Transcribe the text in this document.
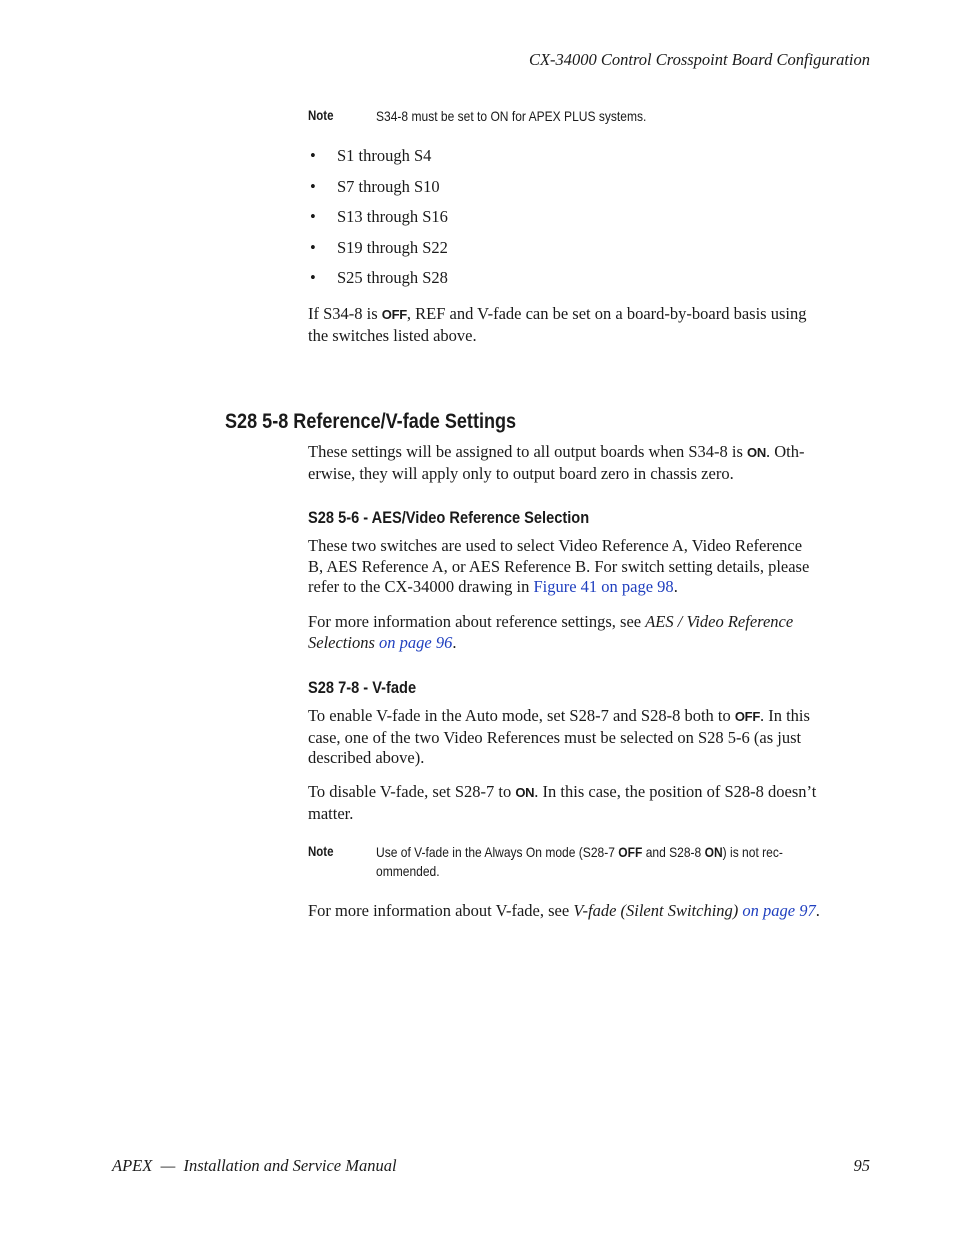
CX-34000 Control Crosspoint Board Configuration
Note	S34-8 must be set to ON for APEX PLUS systems.
• S1 through S4
• S7 through S10
• S13 through S16
• S19 through S22
• S25 through S28
If S34-8 is OFF, REF and V-fade can be set on a board-by-board basis using
the switches listed above.
S28 5-8 Reference/V-fade Settings
These settings will be assigned to all output boards when S34-8 is ON. Oth-
erwise, they will apply only to output board zero in chassis zero.
S28 5-6 - AES/Video Reference Selection
These two switches are used to select Video Reference A, Video Reference
B, AES Reference A, or AES Reference B. For switch setting details, please
refer to the CX-34000 drawing in Figure 41 on page 98.
For more information about reference settings, see AES / Video Reference
Selections on page 96.
S28 7-8 - V-fade
To enable V-fade in the Auto mode, set S28-7 and S28-8 both to OFF. In this
case, one of the two Video References must be selected on S28 5-6 (as just
described above).
To disable V-fade, set S28-7 to ON. In this case, the position of S28-8 doesn’t
matter.
Note	Use of V-fade in the Always On mode (S28-7 OFF and S28-8 ON) is not rec-
ommended.
For more information about V-fade, see V-fade (Silent Switching) on page 97.
APEX  —  Installation and Service Manual	95
